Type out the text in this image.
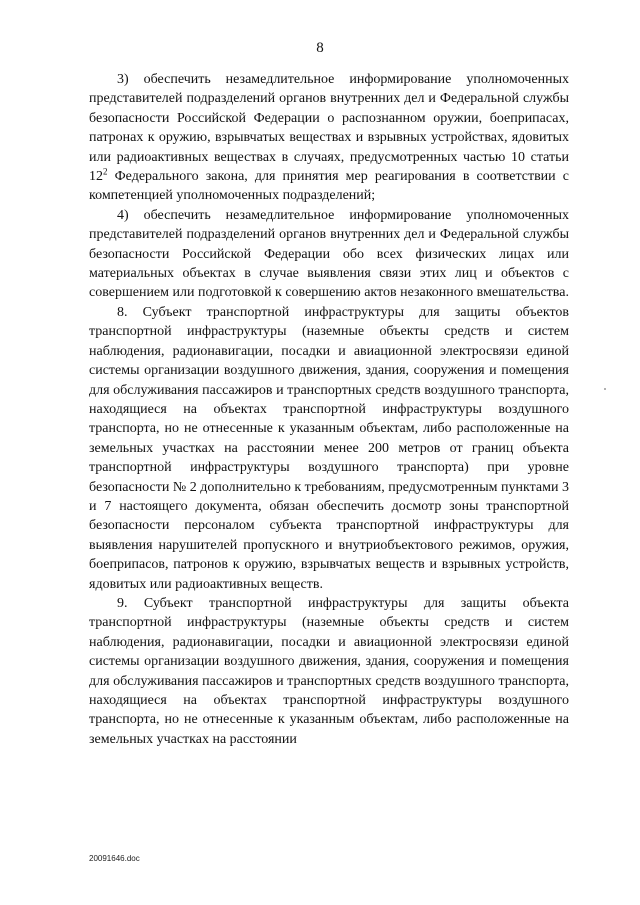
8

3) обеспечить незамедлительное информирование уполномоченных представителей подразделений органов внутренних дел и Федеральной службы безопасности Российской Федерации о распознанном оружии, боеприпасах, патронах к оружию, взрывчатых веществах и взрывных устройствах, ядовитых или радиоактивных веществах в случаях, предусмотренных частью 10 статьи $12^2$ Федерального закона, для принятия мер реагирования в соответствии с компетенцией уполномоченных подразделений;

4) обеспечить незамедлительное информирование уполномоченных представителей подразделений органов внутренних дел и Федеральной службы безопасности Российской Федерации обо всех физических лицах или материальных объектах в случае выявления связи этих лиц и объектов с совершением или подготовкой к совершению актов незаконного вмешательства.

8. Субъект транспортной инфраструктуры для защиты объектов транспортной инфраструктуры (наземные объекты средств и систем наблюдения, радионавигации, посадки и авиационной электросвязи единой системы организации воздушного движения, здания, сооружения и помещения для обслуживания пассажиров и транспортных средств воздушного транспорта, находящиеся на объектах транспортной инфраструктуры воздушного транспорта, но не отнесенные к указанным объектам, либо расположенные на земельных участках на расстоянии менее 200 метров от границ объекта транспортной инфраструктуры воздушного транспорта) при уровне безопасности № 2 дополнительно к требованиям, предусмотренным пунктами 3 и 7 настоящего документа, обязан обеспечить досмотр зоны транспортной безопасности персоналом субъекта транспортной инфраструктуры для выявления нарушителей пропускного и внутриобъектового режимов, оружия, боеприпасов, патронов к оружию, взрывчатых веществ и взрывных устройств, ядовитых или радиоактивных веществ.

9. Субъект транспортной инфраструктуры для защиты объекта транспортной инфраструктуры (наземные объекты средств и систем наблюдения, радионавигации, посадки и авиационной электросвязи единой системы организации воздушного движения, здания, сооружения и помещения для обслуживания пассажиров и транспортных средств воздушного транспорта, находящиеся на объектах транспортной инфраструктуры воздушного транспорта, но не отнесенные к указанным объектам, либо расположенные на земельных участках на расстоянии

20091646.doc
